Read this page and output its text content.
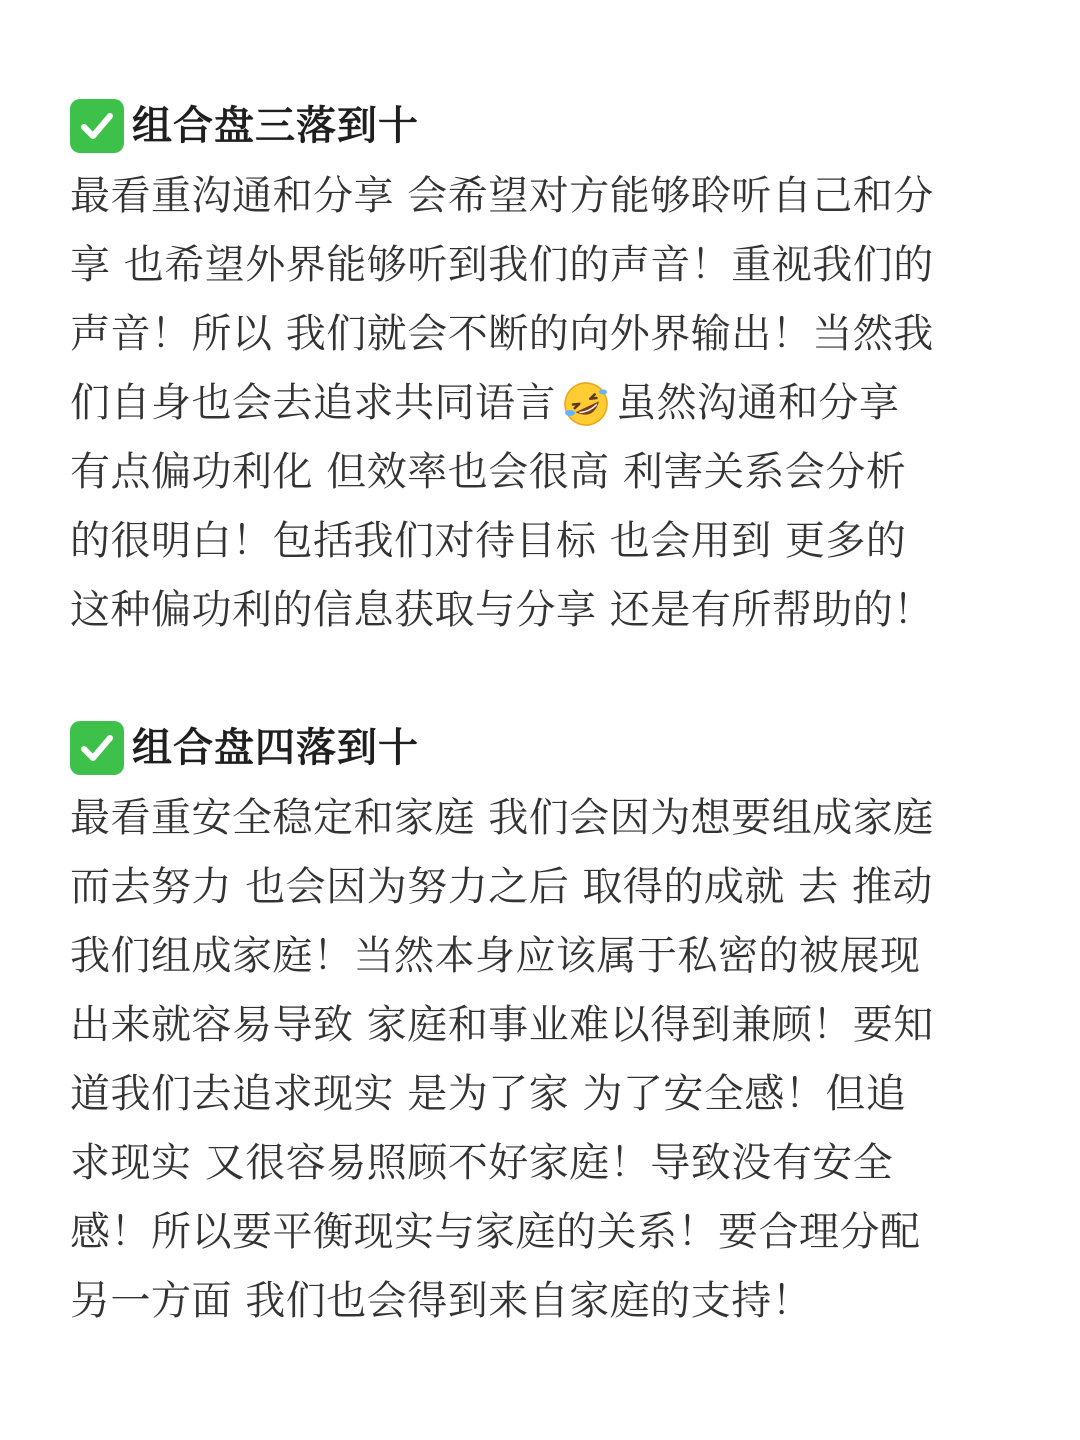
组合盘三落到十
最看重沟通和分享 会希望对方能够聆听自己和分
享 也希望外界能够听到我们的声音！重视我们的
声音！所以 我们就会不断的向外界输出！当然我
们自身也会去追求共同语言 虽然沟通和分享
有点偏功利化 但效率也会很高 利害关系会分析
的很明白！包括我们对待目标 也会用到 更多的
这种偏功利的信息获取与分享 还是有所帮助的！
组合盘四落到十
最看重安全稳定和家庭 我们会因为想要组成家庭
而去努力 也会因为努力之后 取得的成就 去 推动
我们组成家庭！当然本身应该属于私密的被展现
出来就容易导致 家庭和事业难以得到兼顾！要知
道我们去追求现实 是为了家 为了安全感！但追
求现实 又很容易照顾不好家庭！导致没有安全
感！所以要平衡现实与家庭的关系！要合理分配
另一方面 我们也会得到来自家庭的支持！
